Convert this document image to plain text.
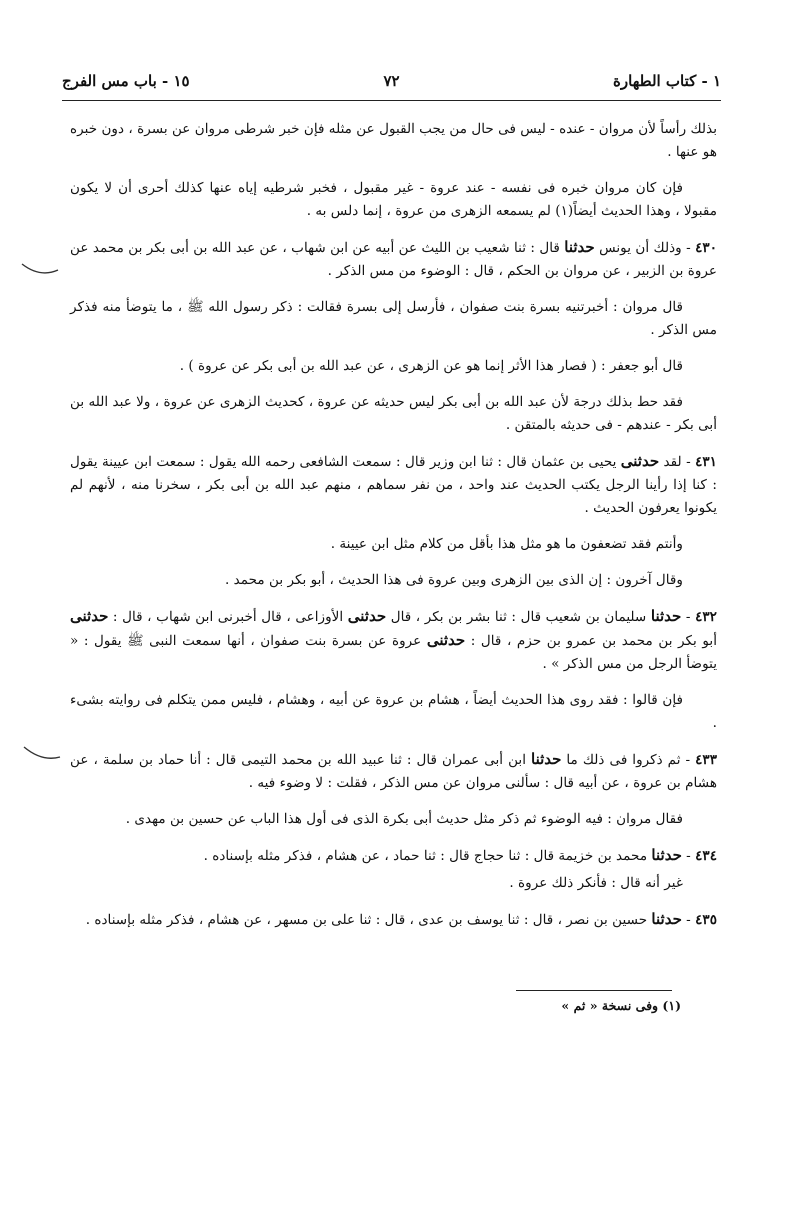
١ - كتاب الطهارة
٧٢
١٥ - باب مس الفرج
بذلك رأساً لأن مروان - عنده - ليس فى حال من يجب القبول عن مثله فإن خبر شرطى مروان عن بسرة ، دون خبره هو عنها .
فإن كان مروان خبره فى نفسه - عند عروة - غير مقبول ، فخبر شرطيه إياه عنها كذلك أحرى أن لا يكون مقبولا ، وهذا الحديث أيضاً(١) لم يسمعه الزهرى من عروة ، إنما دلس به .
٤٣٠ - وذلك أن يونس حدثنا قال : ثنا شعيب بن الليث عن أبيه عن ابن شهاب ، عن عبد الله بن أبى بكر بن محمد عن عروة بن الزبير ، عن مروان بن الحكم ، قال : الوضوء من مس الذكر .
قال مروان : أخبرتنيه بسرة بنت صفوان ، فأرسل إلى بسرة فقالت : ذكر رسول الله ﷺ ، ما يتوضأ منه فذكر مس الذكر .
قال أبو جعفر : ( فصار هذا الأثر إنما هو عن الزهرى ، عن عبد الله بن أبى بكر عن عروة ) .
فقد حط بذلك درجة لأن عبد الله بن أبى بكر ليس حديثه عن عروة ، كحديث الزهرى عن عروة ، ولا عبد الله بن أبى بكر - عندهم - فى حديثه بالمتقن .
٤٣١ - لقد حدثنى يحيى بن عثمان قال : ثنا ابن وزير قال : سمعت الشافعى رحمه الله يقول : سمعت ابن عيينة يقول : كنا إذا رأينا الرجل يكتب الحديث عند واحد ، من نفر سماهم ، منهم عبد الله بن أبى بكر ، سخرنا منه ، لأنهم لم يكونوا يعرفون الحديث .
وأنتم فقد تضعفون ما هو مثل هذا بأقل من كلام مثل ابن عيينة .
وقال آخرون : إن الذى بين الزهرى وبين عروة فى هذا الحديث ، أبو بكر بن محمد .
٤٣٢ - حدثنا سليمان بن شعيب قال : ثنا بشر بن بكر ، قال حدثنى الأوزاعى ، قال أخبرنى ابن شهاب ، قال : حدثنى أبو بكر بن محمد بن عمرو بن حزم ، قال : حدثنى عروة عن بسرة بنت صفوان ، أنها سمعت النبى ﷺ يقول : « يتوضأ الرجل من مس الذكر » .
فإن قالوا : فقد روى هذا الحديث أيضاً ، هشام بن عروة عن أبيه ، وهشام ، فليس ممن يتكلم فى روايته بشىء .
٤٣٣ - ثم ذكروا فى ذلك ما حدثنا ابن أبى عمران قال : ثنا عبيد الله بن محمد التيمى قال : أنا حماد بن سلمة ، عن هشام بن عروة ، عن أبيه قال : سألنى مروان عن مس الذكر ، فقلت : لا وضوء فيه .
فقال مروان : فيه الوضوء ثم ذكر مثل حديث أبى بكرة الذى فى أول هذا الباب عن حسين بن مهدى .
٤٣٤ - حدثنا محمد بن خزيمة قال : ثنا حجاج قال : ثنا حماد ، عن هشام ، فذكر مثله بإسناده .
غير أنه قال : فأنكر ذلك عروة .
٤٣٥ - حدثنا حسين بن نصر ، قال : ثنا يوسف بن عدى ، قال : ثنا على بن مسهر ، عن هشام ، فذكر مثله بإسناده .
(١) وفى نسخة « ثم »
